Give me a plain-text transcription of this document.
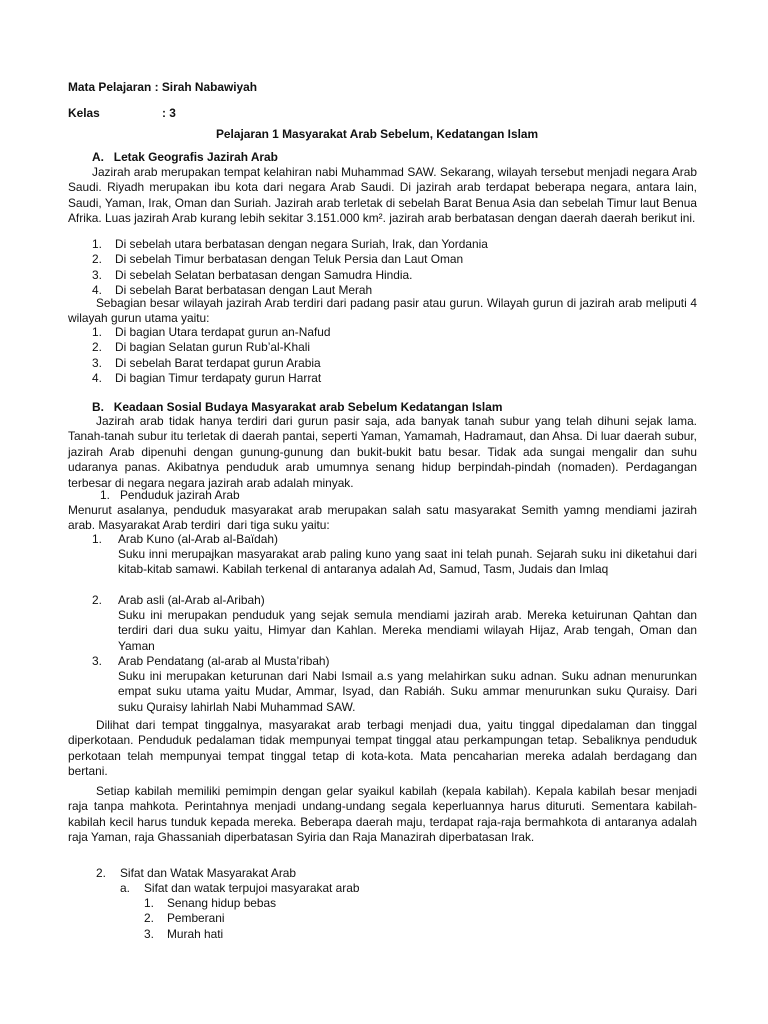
Mata Pelajaran : Sirah Nabawiyah
Kelas	: 3
Pelajaran 1 Masyarakat Arab Sebelum, Kedatangan Islam
A.   Letak Geografis Jazirah Arab

Jazirah arab merupakan tempat kelahiran nabi Muhammad SAW. Sekarang, wilayah tersebut menjadi negara Arab Saudi. Riyadh merupakan ibu kota dari negara Arab Saudi. Di jazirah arab terdapat beberapa negara, antara lain, Saudi, Yaman, Irak, Oman dan Suriah. Jazirah arab terletak di sebelah Barat Benua Asia dan sebelah Timur laut Benua Afrika. Luas jazirah Arab kurang lebih sekitar 3.151.000 km². jazirah arab berbatasan dengan daerah daerah berikut ini.

1. Di sebelah utara berbatasan dengan negara Suriah, Irak, dan Yordania
2. Di sebelah Timur berbatasan dengan Teluk Persia dan Laut Oman
3. Di sebelah Selatan berbatasan dengan Samudra Hindia.
4. Di sebelah Barat berbatasan dengan Laut Merah

Sebagian besar wilayah jazirah Arab terdiri dari padang pasir atau gurun. Wilayah gurun di jazirah arab meliputi 4 wilayah gurun utama yaitu:

1. Di bagian Utara terdapat gurun an-Nafud
2. Di bagian Selatan gurun Rub’al-Khali
3. Di sebelah Barat terdapat gurun Arabia
4. Di bagian Timur terdapaty gurun Harrat
B.   Keadaan Sosial Budaya Masyarakat arab Sebelum Kedatangan Islam

Jazirah arab tidak hanya terdiri dari gurun pasir saja, ada banyak tanah subur yang telah dihuni sejak lama. Tanah-tanah subur itu terletak di daerah pantai, seperti Yaman, Yamamah, Hadramaut, dan Ahsa. Di luar daerah subur, jazirah Arab dipenuhi dengan gunung-gunung dan bukit-bukit batu besar. Tidak ada sungai mengalir dan suhu udaranya panas. Akibatnya penduduk arab umumnya senang hidup berpindah-pindah (nomaden). Perdagangan terbesar di negara negara jazirah arab adalah minyak.

1. Penduduk jazirah Arab

Menurut asalanya, penduduk masyarakat arab merupakan salah satu masyarakat Semith yamng mendiami jazirah arab. Masyarakat Arab terdiri  dari tiga suku yaitu:

1. Arab Kuno (al-Arab al-Baïdah)
Suku inni merupajkan masyarakat arab paling kuno yang saat ini telah punah. Sejarah suku ini diketahui dari kitab-kitab samawi. Kabilah terkenal di antaranya adalah Ad, Samud, Tasm, Judais dan Imlaq
2. Arab asli (al-Arab al-Aribah)
Suku ini merupakan penduduk yang sejak semula mendiami jazirah arab. Mereka ketuirunan Qahtan dan terdiri dari dua suku yaitu, Himyar dan Kahlan. Mereka mendiami wilayah Hijaz, Arab tengah, Oman dan Yaman
3. Arab Pendatang (al-arab al Musta’ribah)
Suku ini merupakan keturunan dari Nabi Ismail a.s yang melahirkan suku adnan. Suku adnan menurunkan empat suku utama yaitu Mudar, Ammar, Isyad, dan Rabiáh. Suku ammar menurunkan suku Quraisy. Dari suku Quraisy lahirlah Nabi Muhammad SAW.

Dilihat dari tempat tinggalnya, masyarakat arab terbagi menjadi dua, yaitu tinggal dipedalaman dan tinggal diperkotaan. Penduduk pedalaman tidak mempunyai tempat tinggal atau perkampungan tetap. Sebaliknya penduduk perkotaan telah mempunyai tempat tinggal tetap di kota-kota. Mata pencaharian mereka adalah berdagang dan bertani.

Setiap kabilah memiliki pemimpin dengan gelar syaikul kabilah (kepala kabilah). Kepala kabilah besar menjadi raja tanpa mahkota. Perintahnya menjadi undang-undang segala keperluannya harus dituruti. Sementara kabilah-kabilah kecil harus tunduk kepada mereka. Beberapa daerah maju, terdapat raja-raja bermahkota di antaranya adalah raja Yaman, raja Ghassaniah diperbatasan Syiria dan Raja Manazirah diperbatasan Irak.

2. Sifat dan Watak Masyarakat Arab
a. Sifat dan watak terpujoi masyarakat arab
1. Senang hidup bebas
2. Pemberani
3. Murah hati
